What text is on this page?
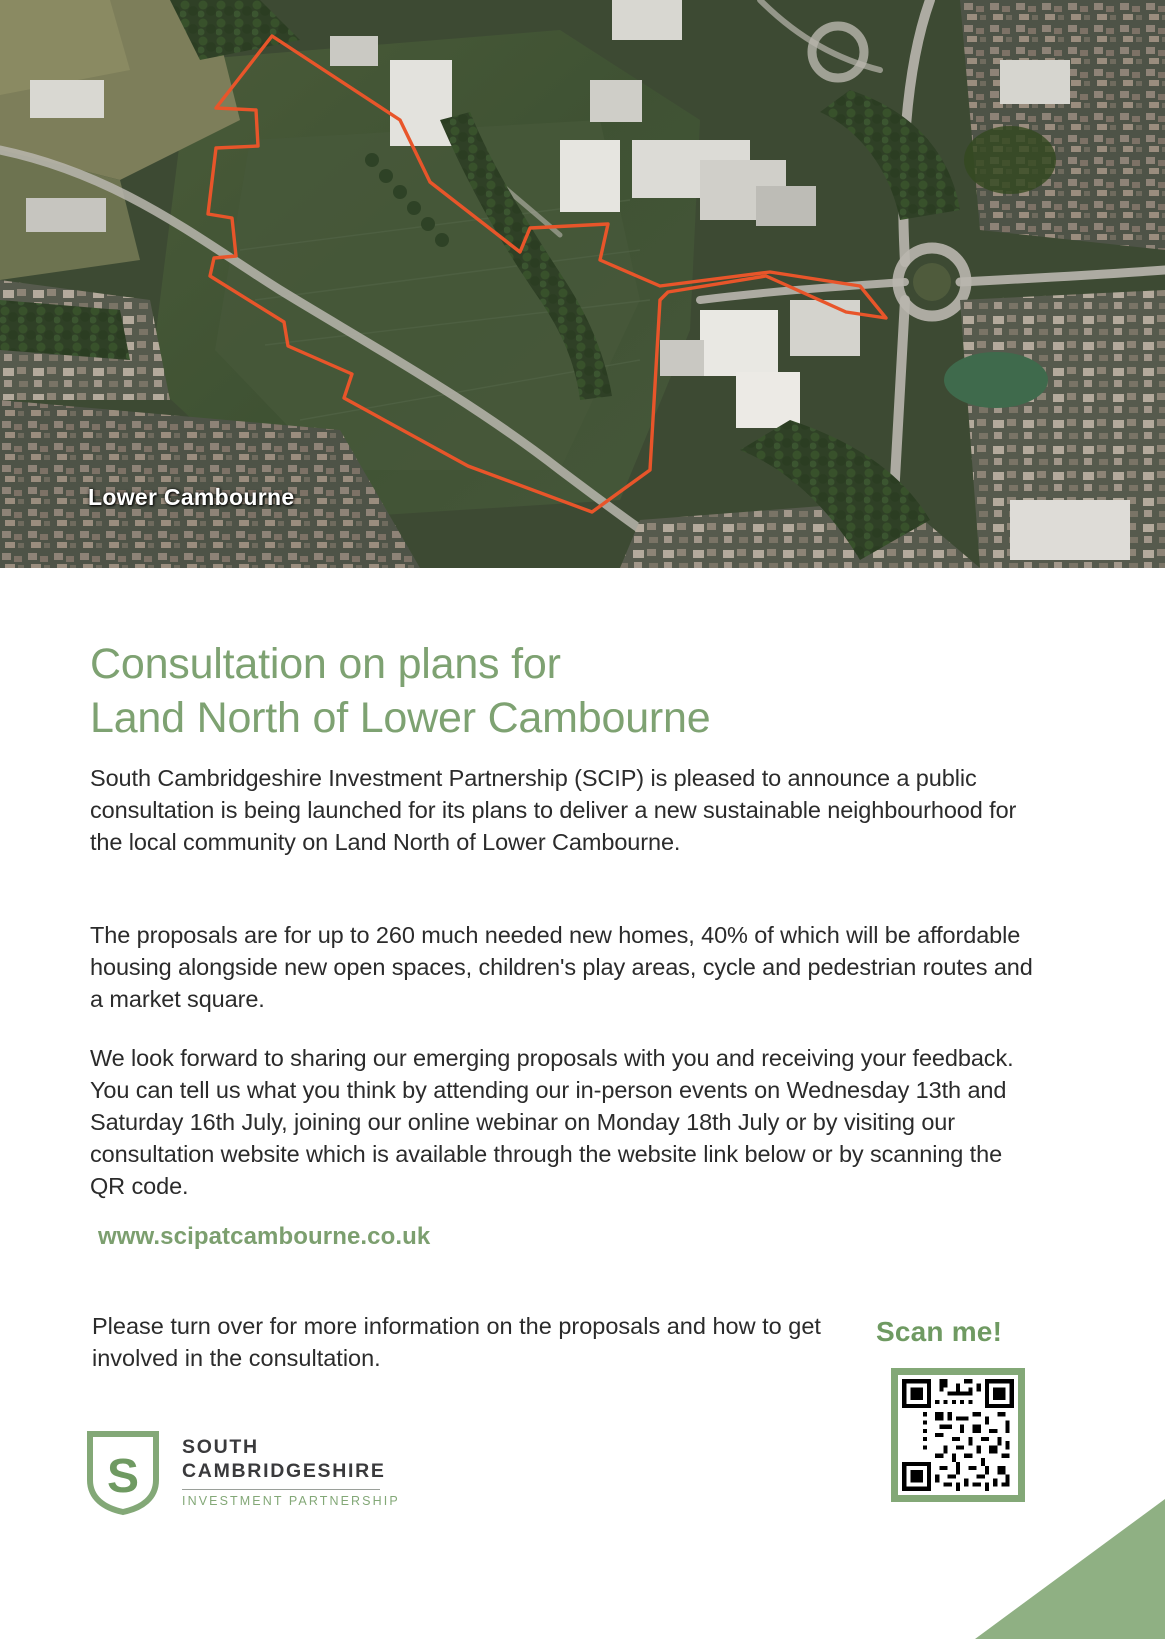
Lower Cambourne
Consultation on plans for
Land North of Lower Cambourne

South Cambridgeshire Investment Partnership (SCIP) is pleased to announce a public consultation is being launched for its plans to deliver a new sustainable neighbourhood for the local community on Land North of Lower Cambourne.

The proposals are for up to 260 much needed new homes, 40% of which will be affordable housing alongside new open spaces, children's play areas, cycle and pedestrian routes and a market square.

We look forward to sharing our emerging proposals with you and receiving your feedback. You can tell us what you think by attending our in-person events on Wednesday 13th and Saturday 16th July, joining our online webinar on Monday 18th July or by visiting our consultation website which is available through the website link below or by scanning the QR code.

www.scipatcambourne.co.uk

Please turn over for more information on the proposals and how to get involved in the consultation.

Scan me!
S
SOUTH
CAMBRIDGESHIRE
INVESTMENT PARTNERSHIP
